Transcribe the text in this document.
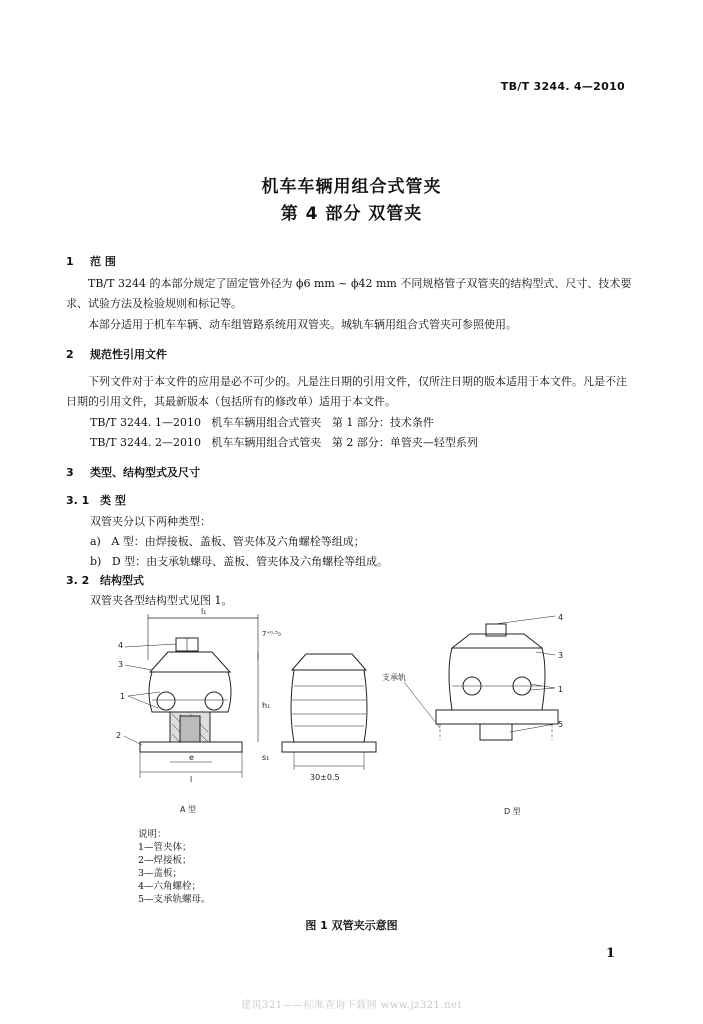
TB/T 3244. 4—2010
机车车辆用组合式管夹
第 4 部分 双管夹
1 范 围
TB/T 3244 的本部分规定了固定管外径为 ϕ6 mm ~ ϕ42 mm 不同规格管子双管夹的结构型式、尺寸、技术要求、试验方法及检验规则和标记等。
本部分适用于机车车辆、动车组管路系统用双管夹。城轨车辆用组合式管夹可参照使用。
2 规范性引用文件
下列文件对于本文件的应用是必不可少的。凡是注日期的引用文件，仅所注日期的版本适用于本文件。凡是不注日期的引用文件，其最新版本（包括所有的修改单）适用于本文件。
TB/T 3244. 1—2010   机车车辆用组合式管夹   第 1 部分：技术条件
TB/T 3244. 2—2010   机车车辆用组合式管夹   第 2 部分：单管夹—轻型系列
3 类型、结构型式及尺寸
3. 1 类 型
双管夹分以下两种类型：
a)   A 型：由焊接板、盖板、管夹体及六角螺栓等组成；
b)   D 型：由支承轨螺母、盖板、管夹体及六角螺栓等组成。
3. 2 结构型式
双管夹各型结构型式见图 1。
l₁
7⁺⁰·⁵₀
h₁
s₁
e
l
4
3
1
2
A 型
30±0.5
4
3
1
5
支承轨
D 型
说明：
1—管夹体；
2—焊接板；
3—盖板；
4—六角螺栓；
5—支承轨螺母。
图 1 双管夹示意图
1
建筑321——标准查询下载网 www.jz321.net
